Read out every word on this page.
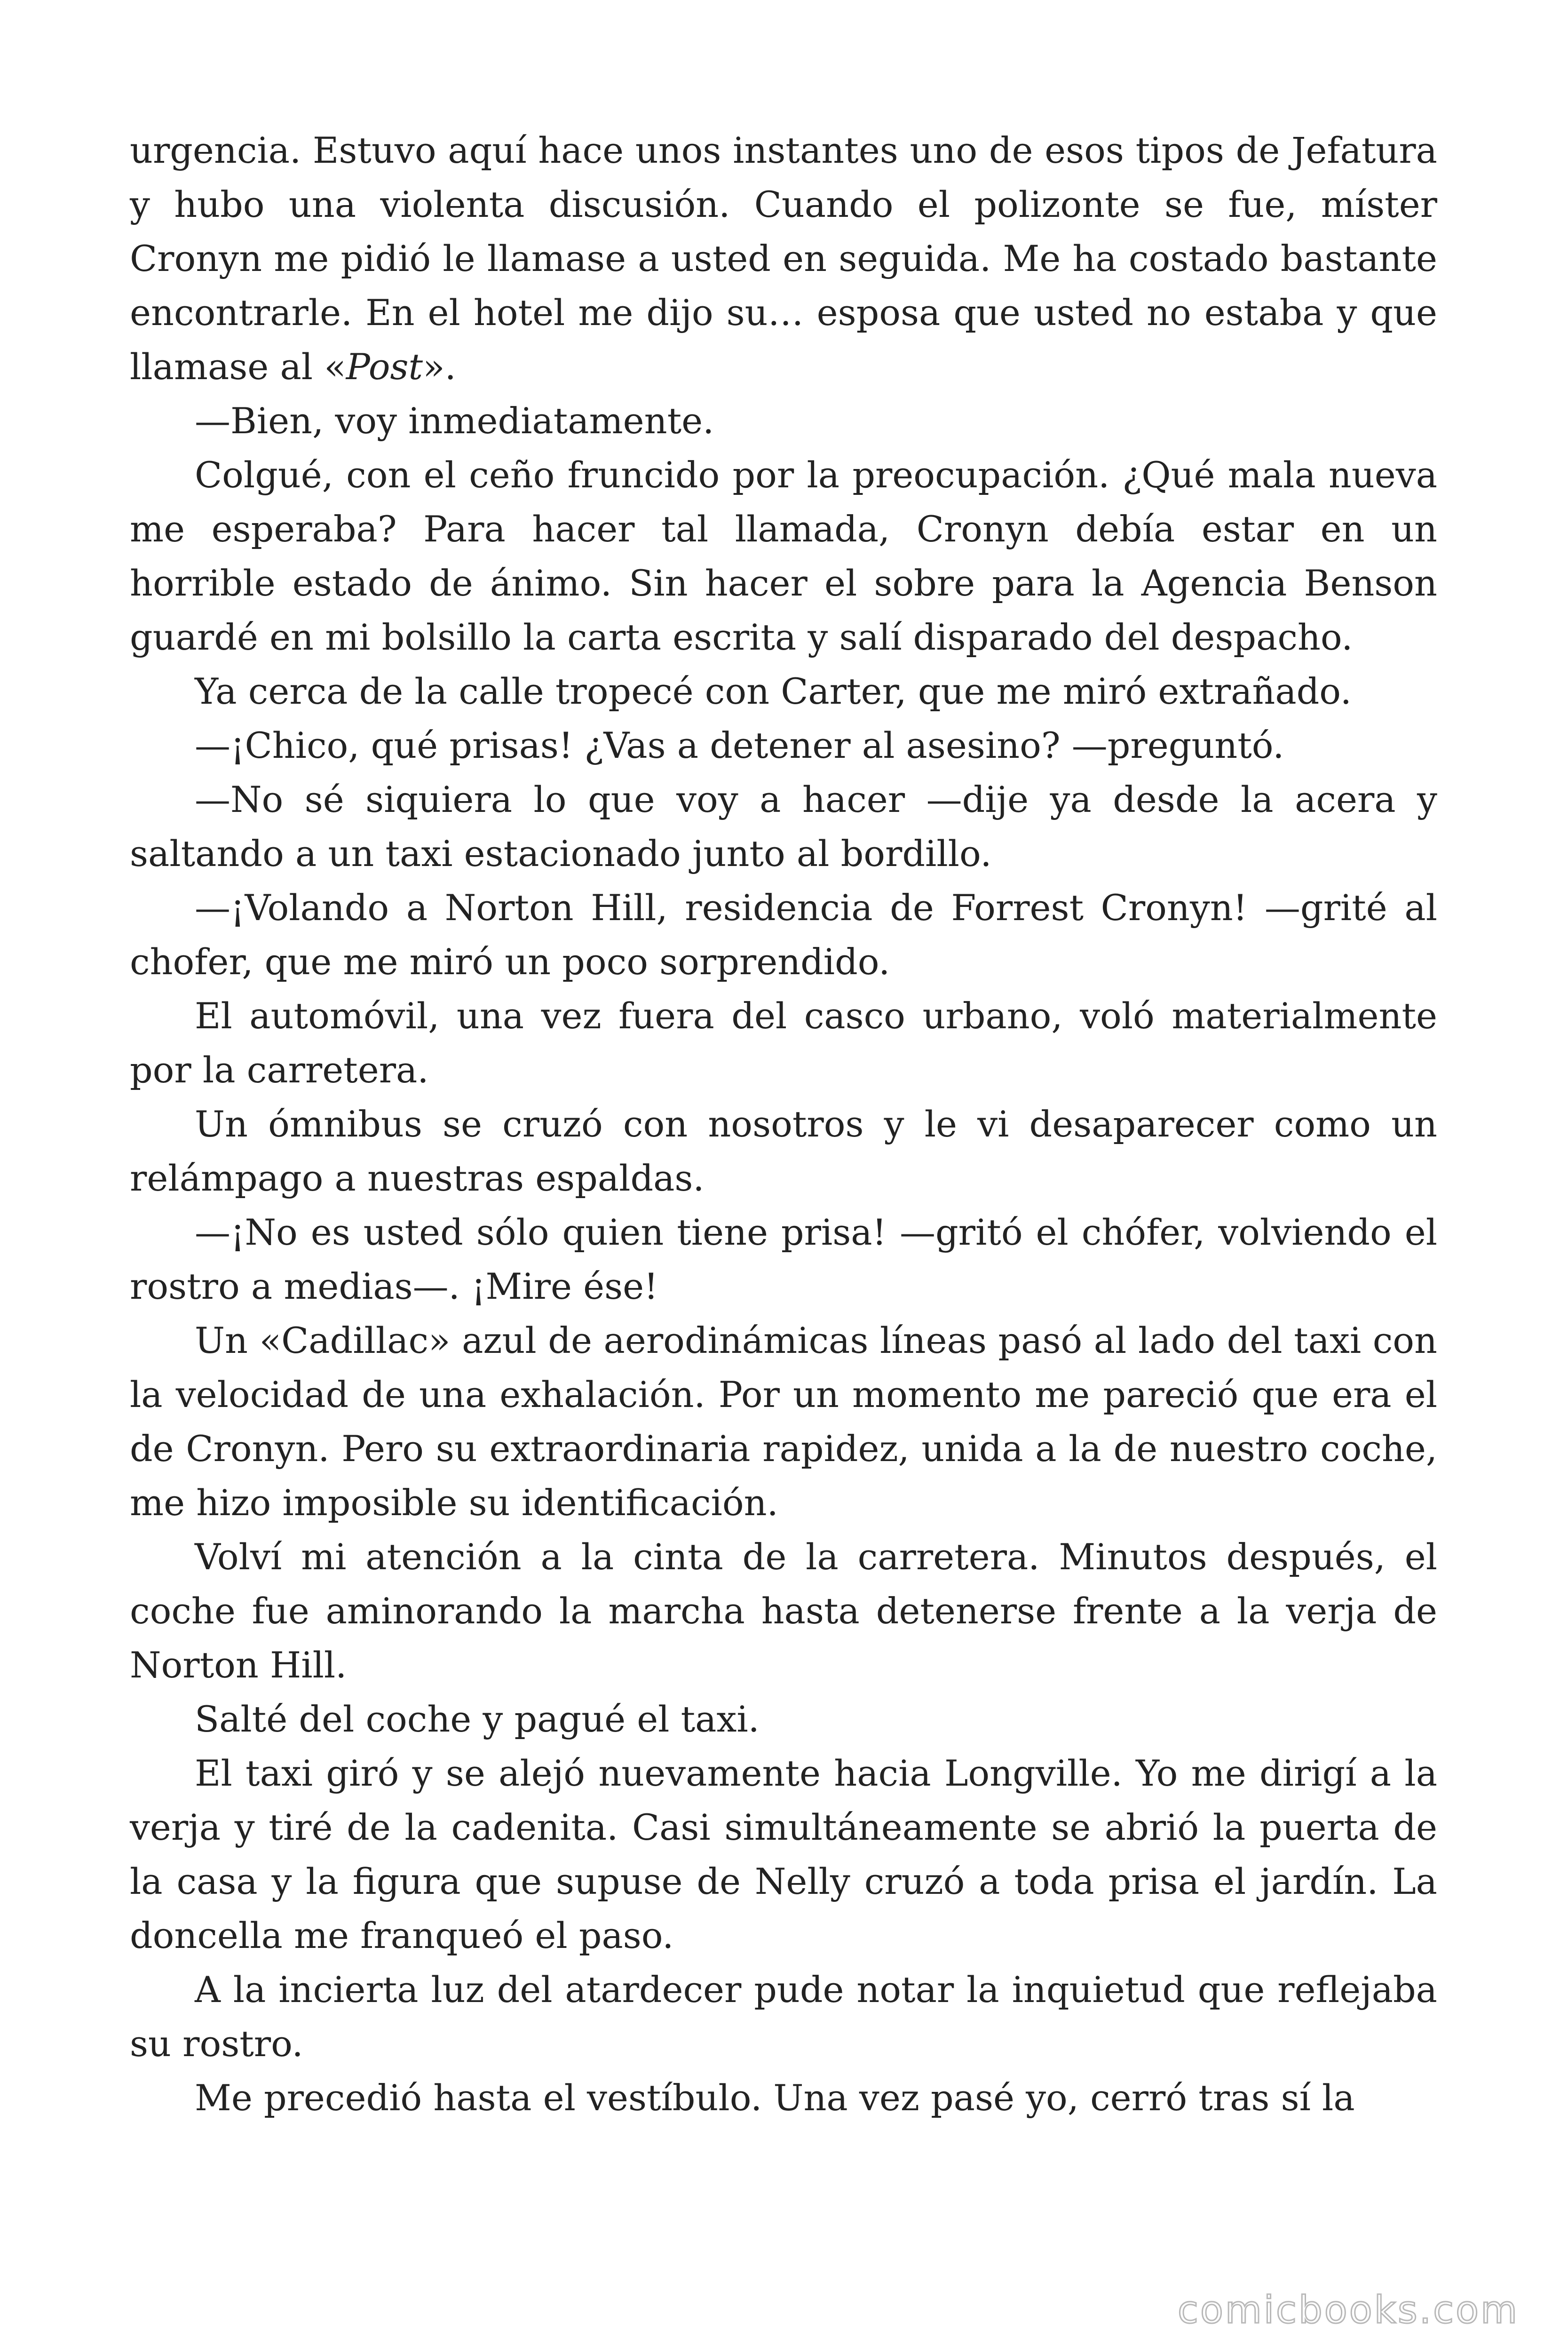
urgencia. Estuvo aquí hace unos instantes uno de esos tipos de Jefatura y hubo una violenta discusión. Cuando el polizonte se fue, míster Cronyn me pidió le llamase a usted en seguida. Me ha costado bastante encontrarle. En el hotel me dijo su… esposa que usted no estaba y que llamase al «Post».

—Bien, voy inmediatamente.

Colgué, con el ceño fruncido por la preocupación. ¿Qué mala nueva me esperaba? Para hacer tal llamada, Cronyn debía estar en un horrible estado de ánimo. Sin hacer el sobre para la Agencia Benson guardé en mi bolsillo la carta escrita y salí disparado del despacho.

Ya cerca de la calle tropecé con Carter, que me miró extrañado.

—¡Chico, qué prisas! ¿Vas a detener al asesino? —preguntó.

—No sé siquiera lo que voy a hacer —dije ya desde la acera y saltando a un taxi estacionado junto al bordillo.

—¡Volando a Norton Hill, residencia de Forrest Cronyn! —grité al chofer, que me miró un poco sorprendido.

El automóvil, una vez fuera del casco urbano, voló materialmente por la carretera.

Un ómnibus se cruzó con nosotros y le vi desaparecer como un relámpago a nuestras espaldas.

—¡No es usted sólo quien tiene prisa! —gritó el chófer, volviendo el rostro a medias—. ¡Mire ése!

Un «Cadillac» azul de aerodinámicas líneas pasó al lado del taxi con la velocidad de una exhalación. Por un momento me pareció que era el de Cronyn. Pero su extraordinaria rapidez, unida a la de nuestro coche, me hizo imposible su identificación.

Volví mi atención a la cinta de la carretera. Minutos después, el coche fue aminorando la marcha hasta detenerse frente a la verja de Norton Hill.

Salté del coche y pagué el taxi.

El taxi giró y se alejó nuevamente hacia Longville. Yo me dirigí a la verja y tiré de la cadenita. Casi simultáneamente se abrió la puerta de la casa y la figura que supuse de Nelly cruzó a toda prisa el jardín. La doncella me franqueó el paso.

A la incierta luz del atardecer pude notar la inquietud que reflejaba su rostro.

Me precedió hasta el vestíbulo. Una vez pasé yo, cerró tras sí la

comicbooks.com
